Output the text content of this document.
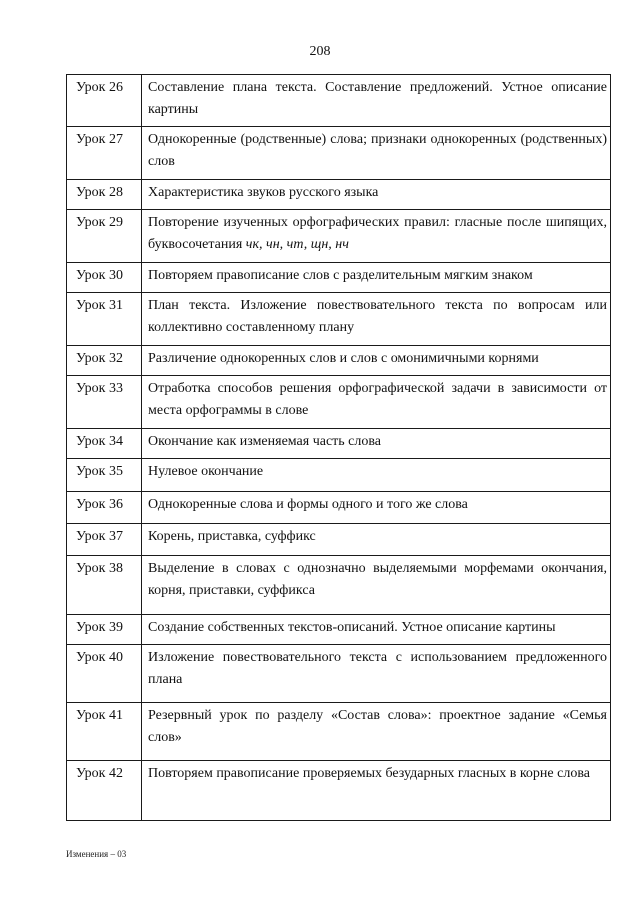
208
Урок 26	Составление плана текста. Составление предложений. Устное описание картины
Урок 27	Однокоренные (родственные) слова; признаки однокоренных (родственных) слов
Урок 28	Характеристика звуков русского языка
Урок 29	Повторение изученных орфографических правил: гласные после шипящих, буквосочетания чк, чн, чт, щн, нч
Урок 30	Повторяем правописание слов с разделительным мягким знаком
Урок 31	План текста. Изложение повествовательного текста по вопросам или коллективно составленному плану
Урок 32	Различение однокоренных слов и слов с омонимичными корнями
Урок 33	Отработка способов решения орфографической задачи в зависимости от места орфограммы в слове
Урок 34	Окончание как изменяемая часть слова
Урок 35	Нулевое окончание
Урок 36	Однокоренные слова и формы одного и того же слова
Урок 37	Корень, приставка, суффикс
Урок 38	Выделение в словах с однозначно выделяемыми морфемами окончания, корня, приставки, суффикса
Урок 39	Создание собственных текстов-описаний. Устное описание картины
Урок 40	Изложение повествовательного текста с использованием предложенного плана
Урок 41	Резервный урок по разделу «Состав слова»: проектное задание «Семья слов»
Урок 42	Повторяем правописание проверяемых безударных гласных в корне слова
Изменения – 03
